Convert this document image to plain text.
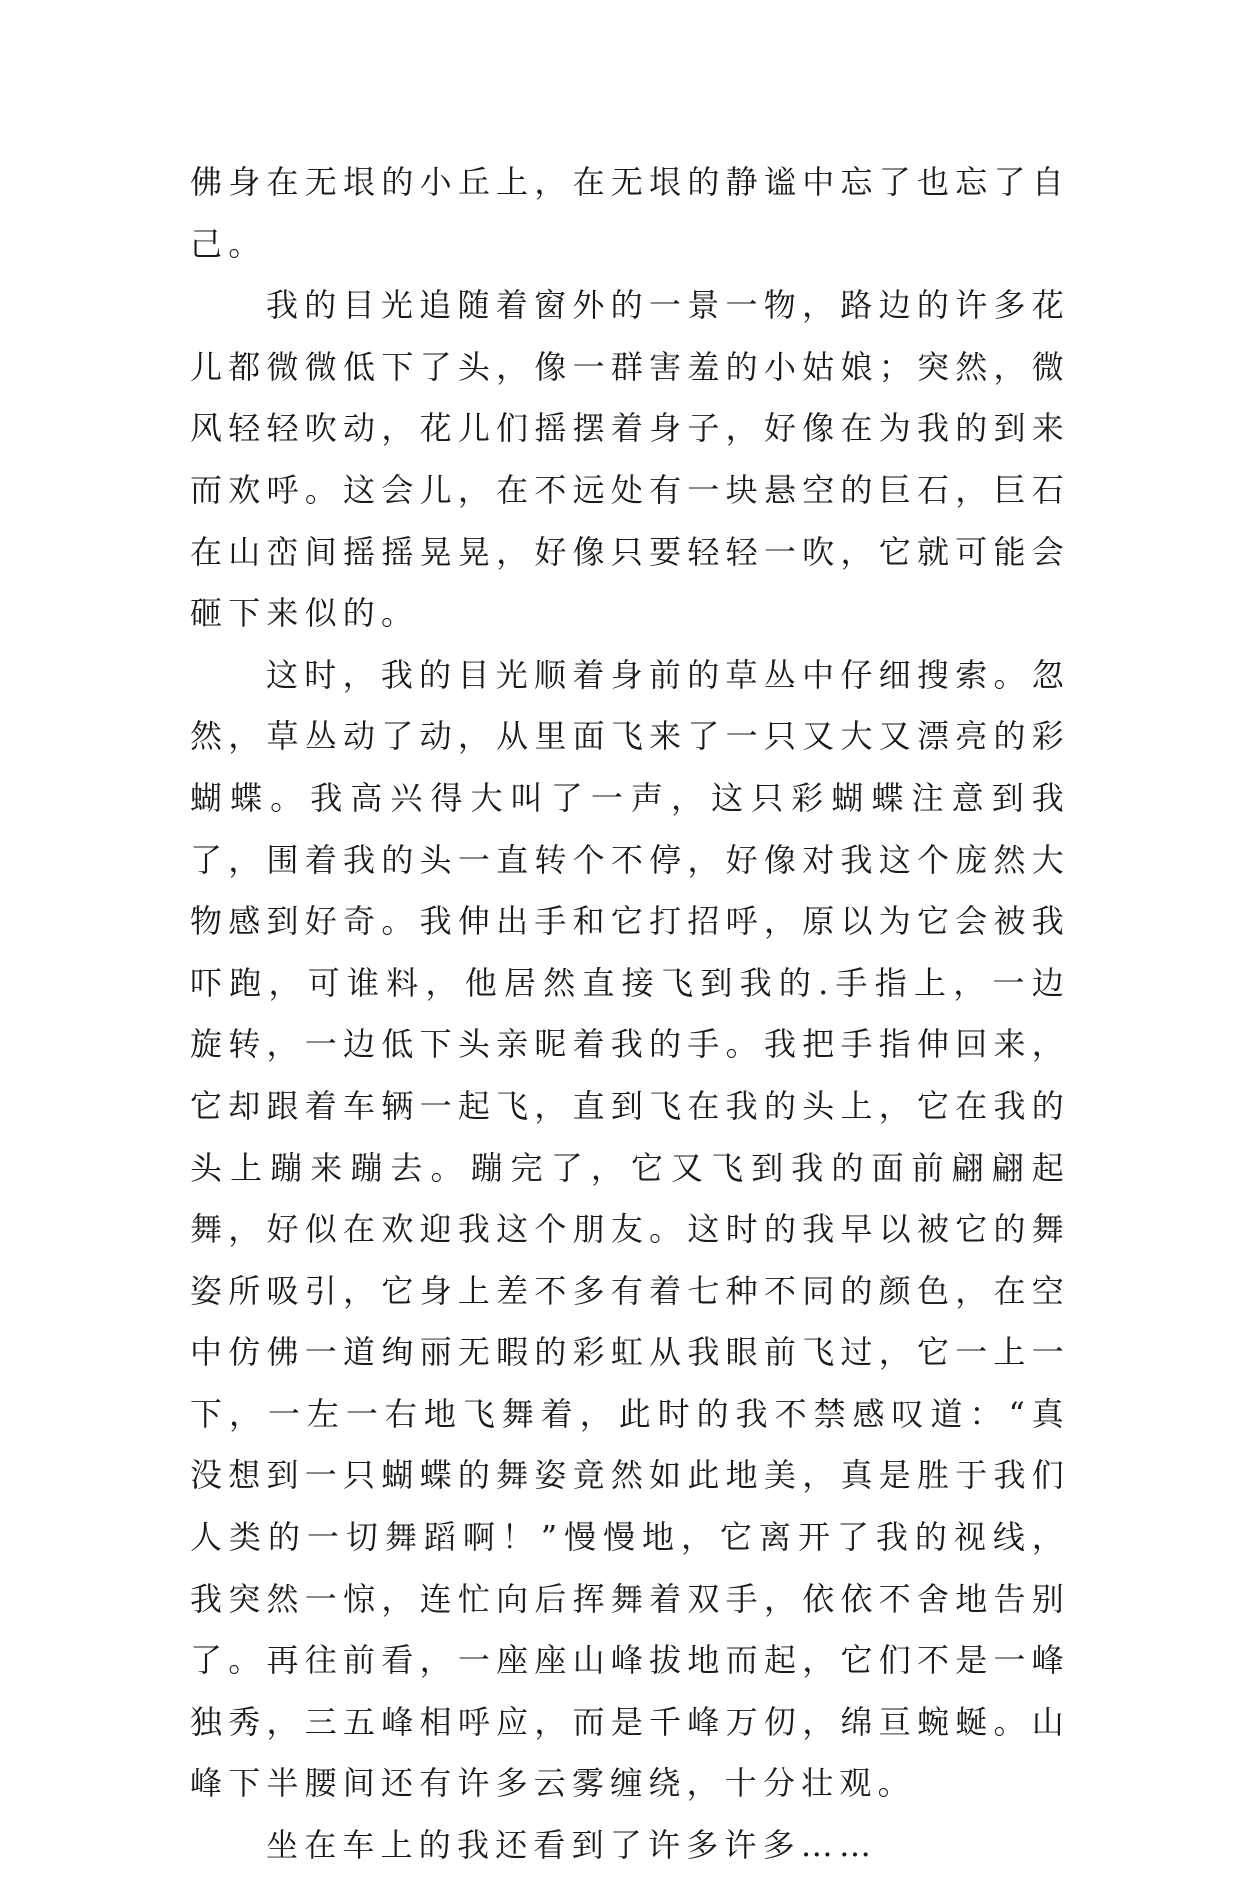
佛身在无垠的小丘上，在无垠的静谧中忘了也忘了自己。

我的目光追随着窗外的一景一物，路边的许多花儿都微微低下了头，像一群害羞的小姑娘；突然，微风轻轻吹动，花儿们摇摆着身子，好像在为我的到来而欢呼。这会儿，在不远处有一块悬空的巨石，巨石在山峦间摇摇晃晃，好像只要轻轻一吹，它就可能会砸下来似的。

这时，我的目光顺着身前的草丛中仔细搜索。忽然，草丛动了动，从里面飞来了一只又大又漂亮的彩蝴蝶。我高兴得大叫了一声，这只彩蝴蝶注意到我了，围着我的头一直转个不停，好像对我这个庞然大物感到好奇。我伸出手和它打招呼，原以为它会被我吓跑，可谁料，他居然直接飞到我的.手指上，一边旋转，一边低下头亲昵着我的手。我把手指伸回来，它却跟着车辆一起飞，直到飞在我的头上，它在我的头上蹦来蹦去。蹦完了，它又飞到我的面前翩翩起舞，好似在欢迎我这个朋友。这时的我早以被它的舞姿所吸引，它身上差不多有着七种不同的颜色，在空中仿佛一道绚丽无暇的彩虹从我眼前飞过，它一上一下，一左一右地飞舞着，此时的我不禁感叹道：“真没想到一只蝴蝶的舞姿竟然如此地美，真是胜于我们人类的一切舞蹈啊！”慢慢地，它离开了我的视线，我突然一惊，连忙向后挥舞着双手，依依不舍地告别了。再往前看，一座座山峰拔地而起，它们不是一峰独秀，三五峰相呼应，而是千峰万仞，绵亘蜿蜒。山峰下半腰间还有许多云雾缠绕，十分壮观。

坐在车上的我还看到了许多许多……
